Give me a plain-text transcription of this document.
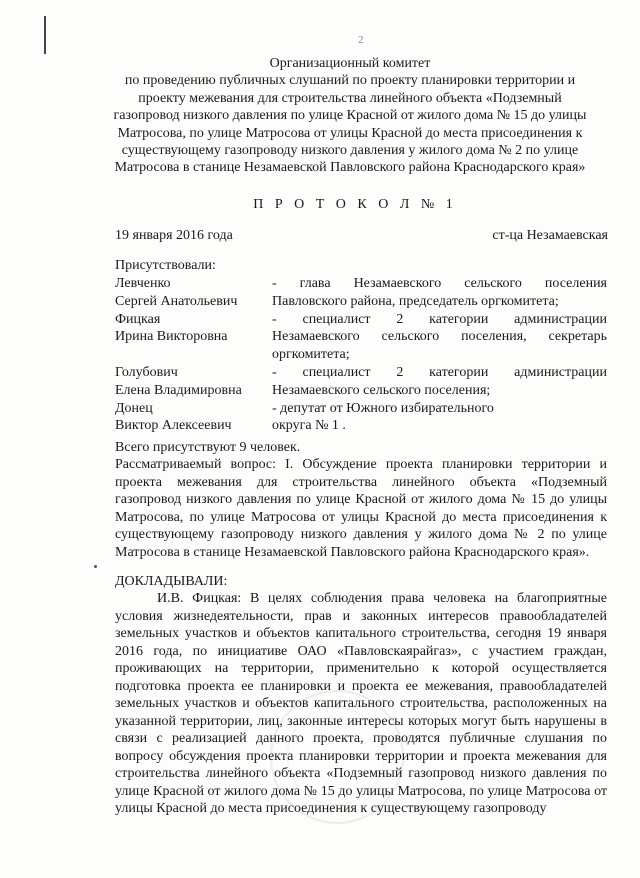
2
Организационный комитет
по проведению публичных слушаний по проекту планировки территории и
проекту межевания для строительства линейного объекта «Подземный
газопровод низкого давления по улице Красной от жилого дома № 15 до улицы
Матросова, по улице Матросова от улицы Красной до места присоединения к
существующему газопроводу низкого давления у жилого дома № 2 по улице
Матросова в станице Незамаевской Павловского района Краснодарского края»
П Р О Т О К О Л № 1
19 января 2016 года	ст-ца Незамаевская
Присутствовали:
Левченко	- глава Незамаевского сельского поселения
Сергей Анатольевич	Павловского района, председатель оргкомитета;
Фицкая	- специалист 2 категории администрации
Ирина Викторовна	Незамаевского сельского поселения, секретарь
оргкомитета;
Голубович	- специалист 2 категории администрации
Елена Владимировна	Незамаевского сельского поселения;
Донец	- депутат от Южного избирательного
Виктор Алексеевич	округа № 1 .
Всего присутствуют 9 человек.
Рассматриваемый вопрос: I. Обсуждение проекта планировки территории и проекта межевания для строительства линейного объекта «Подземный газопровод низкого давления по улице Красной от жилого дома № 15 до улицы Матросова, по улице Матросова от улицы Красной до места присоединения к существующему газопроводу низкого давления у жилого дома № 2 по улице Матросова в станице Незамаевской Павловского района Краснодарского края».
ДОКЛАДЫВАЛИ:
И.В. Фицкая: В целях соблюдения права человека на благоприятные условия жизнедеятельности, прав и законных интересов правообладателей земельных участков и объектов капитального строительства, сегодня 19 января 2016 года, по инициативе ОАО «Павловскаярайгаз», с участием граждан, проживающих на территории, применительно к которой осуществляется подготовка проекта ее планировки и проекта ее межевания, правообладателей земельных участков и объектов капитального строительства, расположенных на указанной территории, лиц, законные интересы которых могут быть нарушены в связи с реализацией данного проекта, проводятся публичные слушания по вопросу обсуждения проекта планировки территории и проекта межевания для строительства линейного объекта «Подземный газопровод низкого давления по улице Красной от жилого дома № 15 до улицы Матросова, по улице Матросова от улицы Красной до места присоединения к существующему газопроводу
